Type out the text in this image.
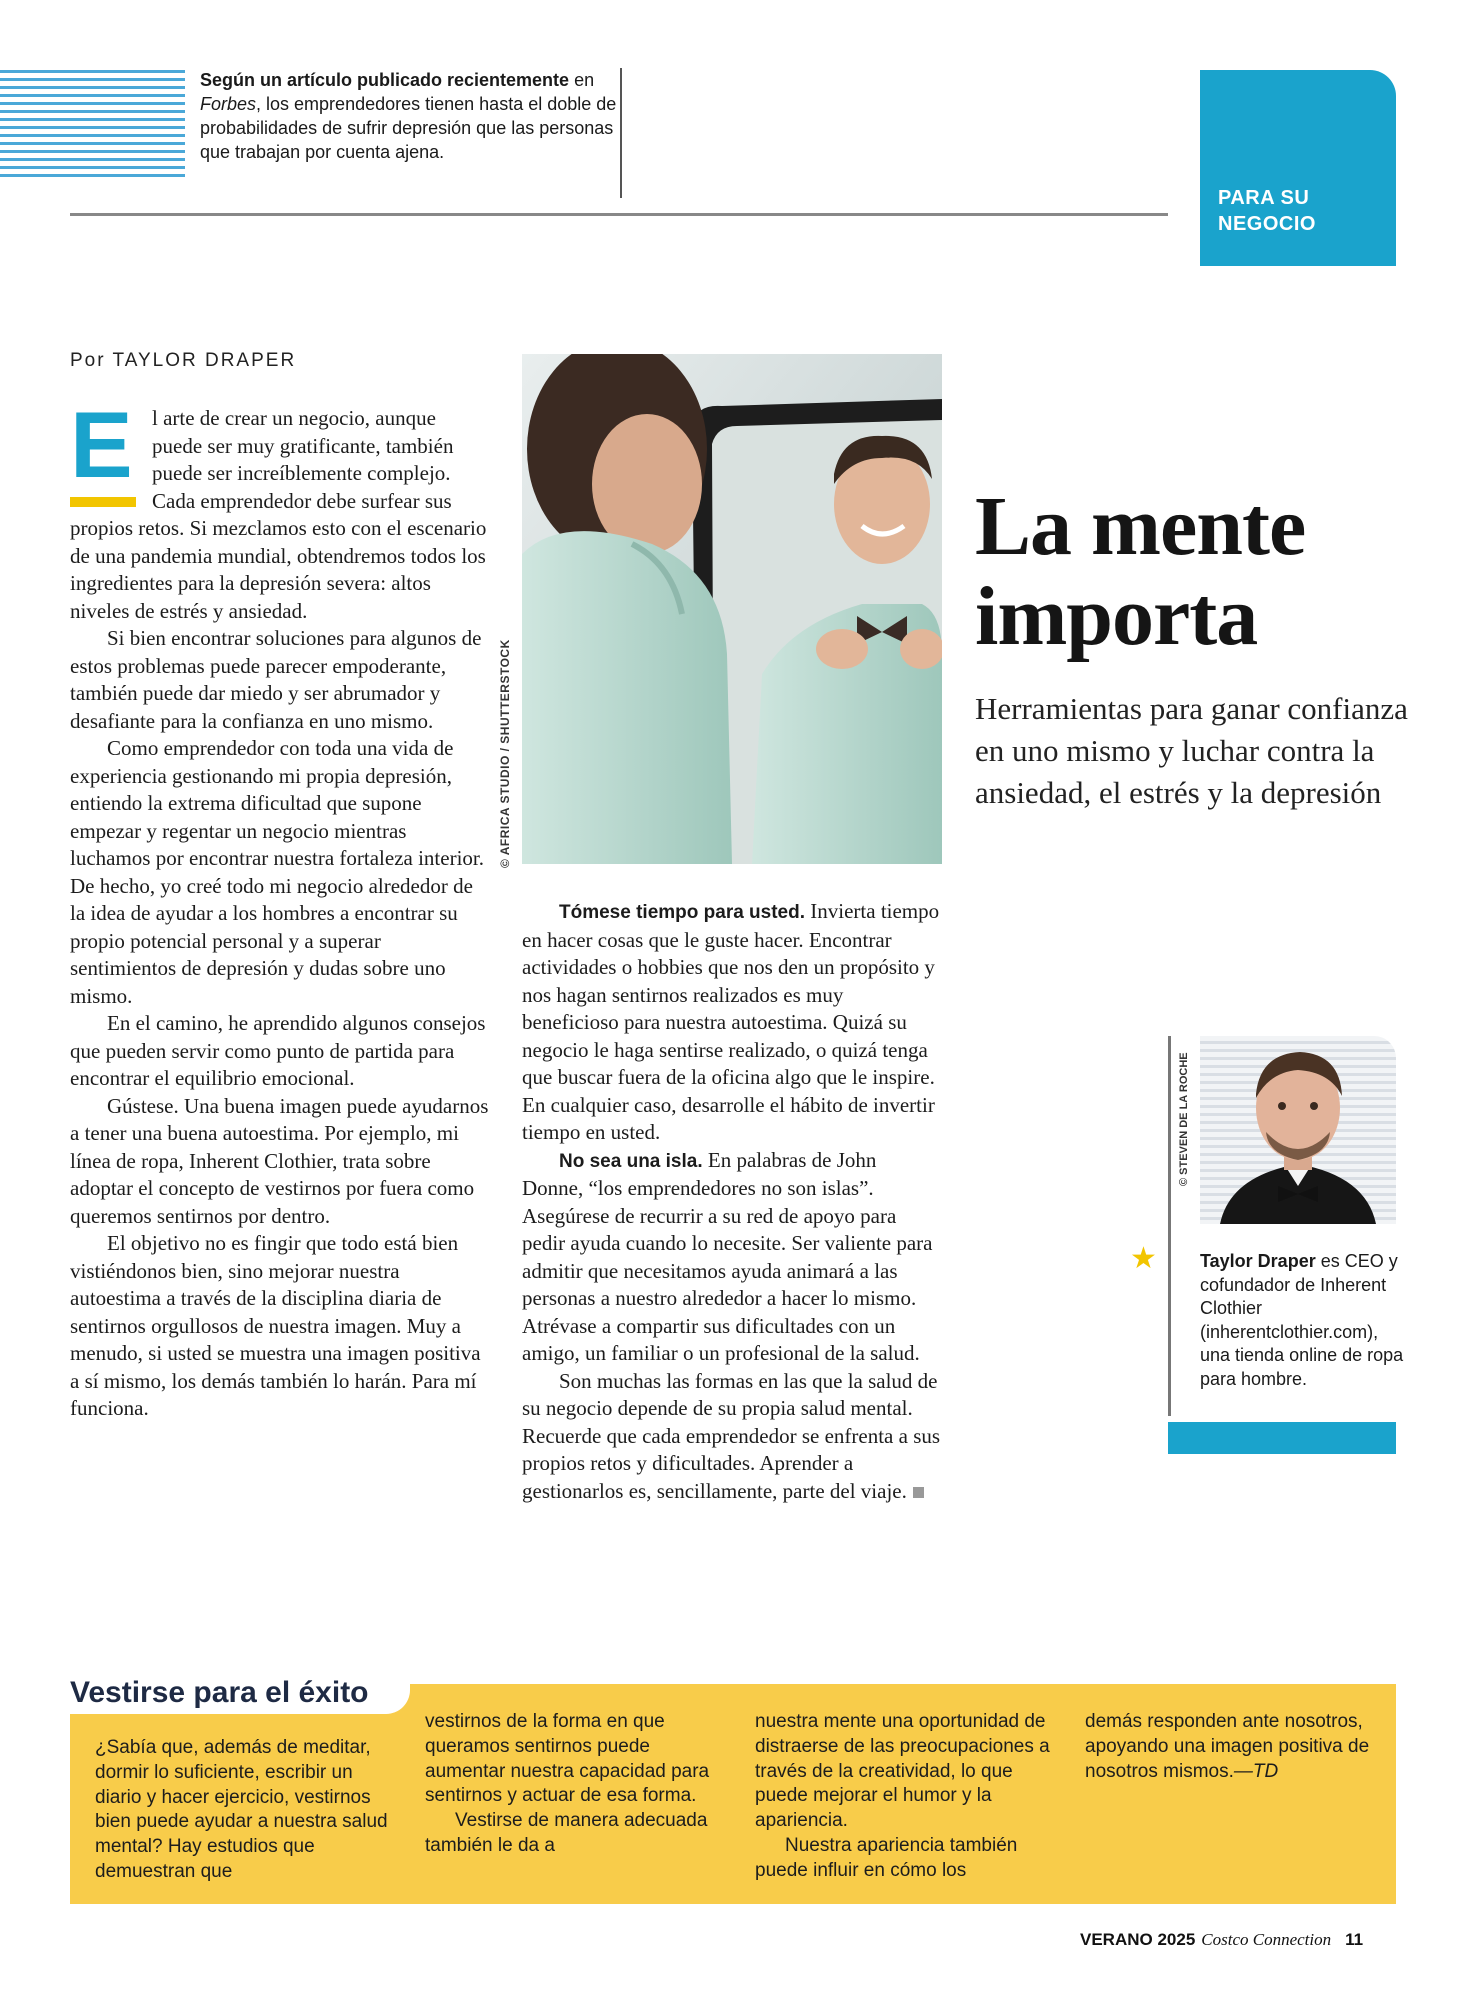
Según un artículo publicado recientemente en Forbes, los emprendedores tienen hasta el doble de probabilidades de sufrir depresión que las personas que trabajan por cuenta ajena.
PARA SU
NEGOCIO
Por TAYLOR DRAPER
E l arte de crear un negocio, aunque puede ser muy gratificante, también puede ser increíblemente complejo. Cada emprendedor debe surfear sus propios retos. Si mezclamos esto con el escenario de una pandemia mundial, obtendremos todos los ingredientes para la depresión severa: altos niveles de estrés y ansiedad.

Si bien encontrar soluciones para algunos de estos problemas puede parecer empoderante, también puede dar miedo y ser abrumador y desafiante para la confianza en uno mismo.

Como emprendedor con toda una vida de experiencia gestionando mi propia depresión, entiendo la extrema dificultad que supone empezar y regentar un negocio mientras luchamos por encontrar nuestra fortaleza interior. De hecho, yo creé todo mi negocio alrededor de la idea de ayudar a los hombres a encontrar su propio potencial personal y a superar sentimientos de depresión y dudas sobre uno mismo.

En el camino, he aprendido algunos consejos que pueden servir como punto de partida para encontrar el equilibrio emocional.

Gústese. Una buena imagen puede ayudarnos a tener una buena autoestima. Por ejemplo, mi línea de ropa, Inherent Clothier, trata sobre adoptar el concepto de vestirnos por fuera como queremos sentirnos por dentro.

El objetivo no es fingir que todo está bien vistiéndonos bien, sino mejorar nuestra autoestima a través de la disciplina diaria de sentirnos orgullosos de nuestra imagen. Muy a menudo, si usted se muestra una imagen positiva a sí mismo, los demás también lo harán. Para mí funciona.

© AFRICA STUDIO / SHUTTERSTOCK
La mente
importa
Herramientas para ganar confianza en uno mismo y luchar contra la ansiedad, el estrés y la depresión

Tómese tiempo para usted. Invierta tiempo en hacer cosas que le guste hacer. Encontrar actividades o hobbies que nos den un propósito y nos hagan sentirnos realizados es muy beneficioso para nuestra autoestima. Quizá su negocio le haga sentirse realizado, o quizá tenga que buscar fuera de la oficina algo que le inspire. En cualquier caso, desarrolle el hábito de invertir tiempo en usted.

No sea una isla. En palabras de John Donne, “los emprendedores no son islas”. Asegúrese de recurrir a su red de apoyo para pedir ayuda cuando lo necesite. Ser valiente para admitir que necesitamos ayuda animará a las personas a nuestro alrededor a hacer lo mismo. Atrévase a compartir sus dificultades con un amigo, un familiar o un profesional de la salud.

Son muchas las formas en las que la salud de su negocio depende de su propia salud mental. Recuerde que cada emprendedor se enfrenta a sus propios retos y dificultades. Aprender a gestionarlos es, sencillamente, parte del viaje.

© STEVEN DE LA ROCHE
★ Taylor Draper es CEO y cofundador de Inherent Clothier (inherentclothier.com), una tienda online de ropa para hombre.
Vestirse para el éxito

¿Sabía que, además de meditar, dormir lo suficiente, escribir un diario y hacer ejercicio, vestirnos bien puede ayudar a nuestra salud mental? Hay estudios que demuestran que

vestirnos de la forma en que queramos sentirnos puede aumentar nuestra capacidad para sentirnos y actuar de esa forma.

Vestirse de manera adecuada también le da a

nuestra mente una oportunidad de distraerse de las preocupaciones a través de la creatividad, lo que puede mejorar el humor y la apariencia.

Nuestra apariencia también puede influir en cómo los

demás responden ante nosotros, apoyando una imagen positiva de nosotros mismos.—TD

VERANO 2025 Costco Connection 11
